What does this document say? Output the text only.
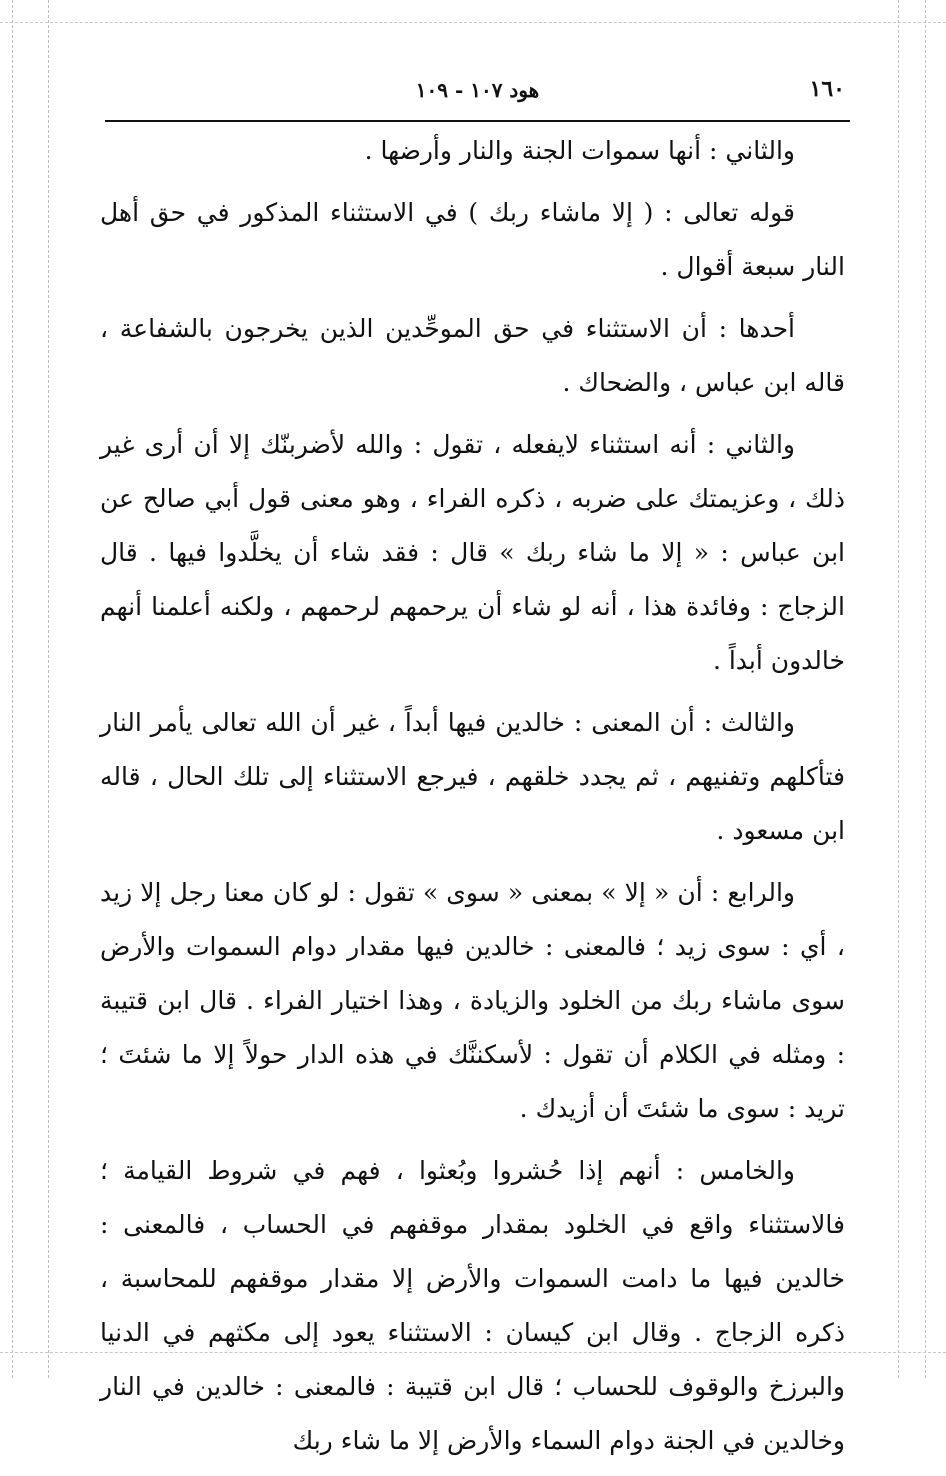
١٦٠
هود ١٠٧ - ١٠٩

والثاني : أنها سموات الجنة والنار وأرضها .

قوله تعالى : ( إلا ماشاء ربك ) في الاستثناء المذكور في حق أهل النار سبعة أقوال .

أحدها : أن الاستثناء في حق الموحِّدين الذين يخرجون بالشفاعة ، قاله ابن عباس ، والضحاك .

والثاني : أنه استثناء لايفعله ، تقول : والله لأضربنّك إلا أن أرى غير ذلك ، وعزيمتك على ضربه ، ذكره الفراء ، وهو معنى قول أبي صالح عن ابن عباس : « إلا ما شاء ربك » قال : فقد شاء أن يخلَّدوا فيها . قال الزجاج : وفائدة هذا ، أنه لو شاء أن يرحمهم لرحمهم ، ولكنه أعلمنا أنهم خالدون أبداً .

والثالث : أن المعنى : خالدين فيها أبداً ، غير أن الله تعالى يأمر النار فتأكلهم وتفنيهم ، ثم يجدد خلقهم ، فيرجع الاستثناء إلى تلك الحال ، قاله ابن مسعود .

والرابع : أن « إلا » بمعنى « سوى » تقول : لو كان معنا رجل إلا زيد ، أي : سوى زيد ؛ فالمعنى : خالدين فيها مقدار دوام السموات والأرض سوى ماشاء ربك من الخلود والزيادة ، وهذا اختيار الفراء . قال ابن قتيبة : ومثله في الكلام أن تقول : لأسكننَّك في هذه الدار حولاً إلا ما شئتَ ؛ تريد : سوى ما شئتَ أن أزيدك .

والخامس : أنهم إذا حُشروا وبُعثوا ، فهم في شروط القيامة ؛ فالاستثناء واقع في الخلود بمقدار موقفهم في الحساب ، فالمعنى : خالدين فيها ما دامت السموات والأرض إلا مقدار موقفهم للمحاسبة ، ذكره الزجاج . وقال ابن كيسان : الاستثناء يعود إلى مكثهم في الدنيا والبرزخ والوقوف للحساب ؛ قال ابن قتيبة : فالمعنى : خالدين في النار وخالدين في الجنة دوام السماء والأرض إلا ما شاء ربك
